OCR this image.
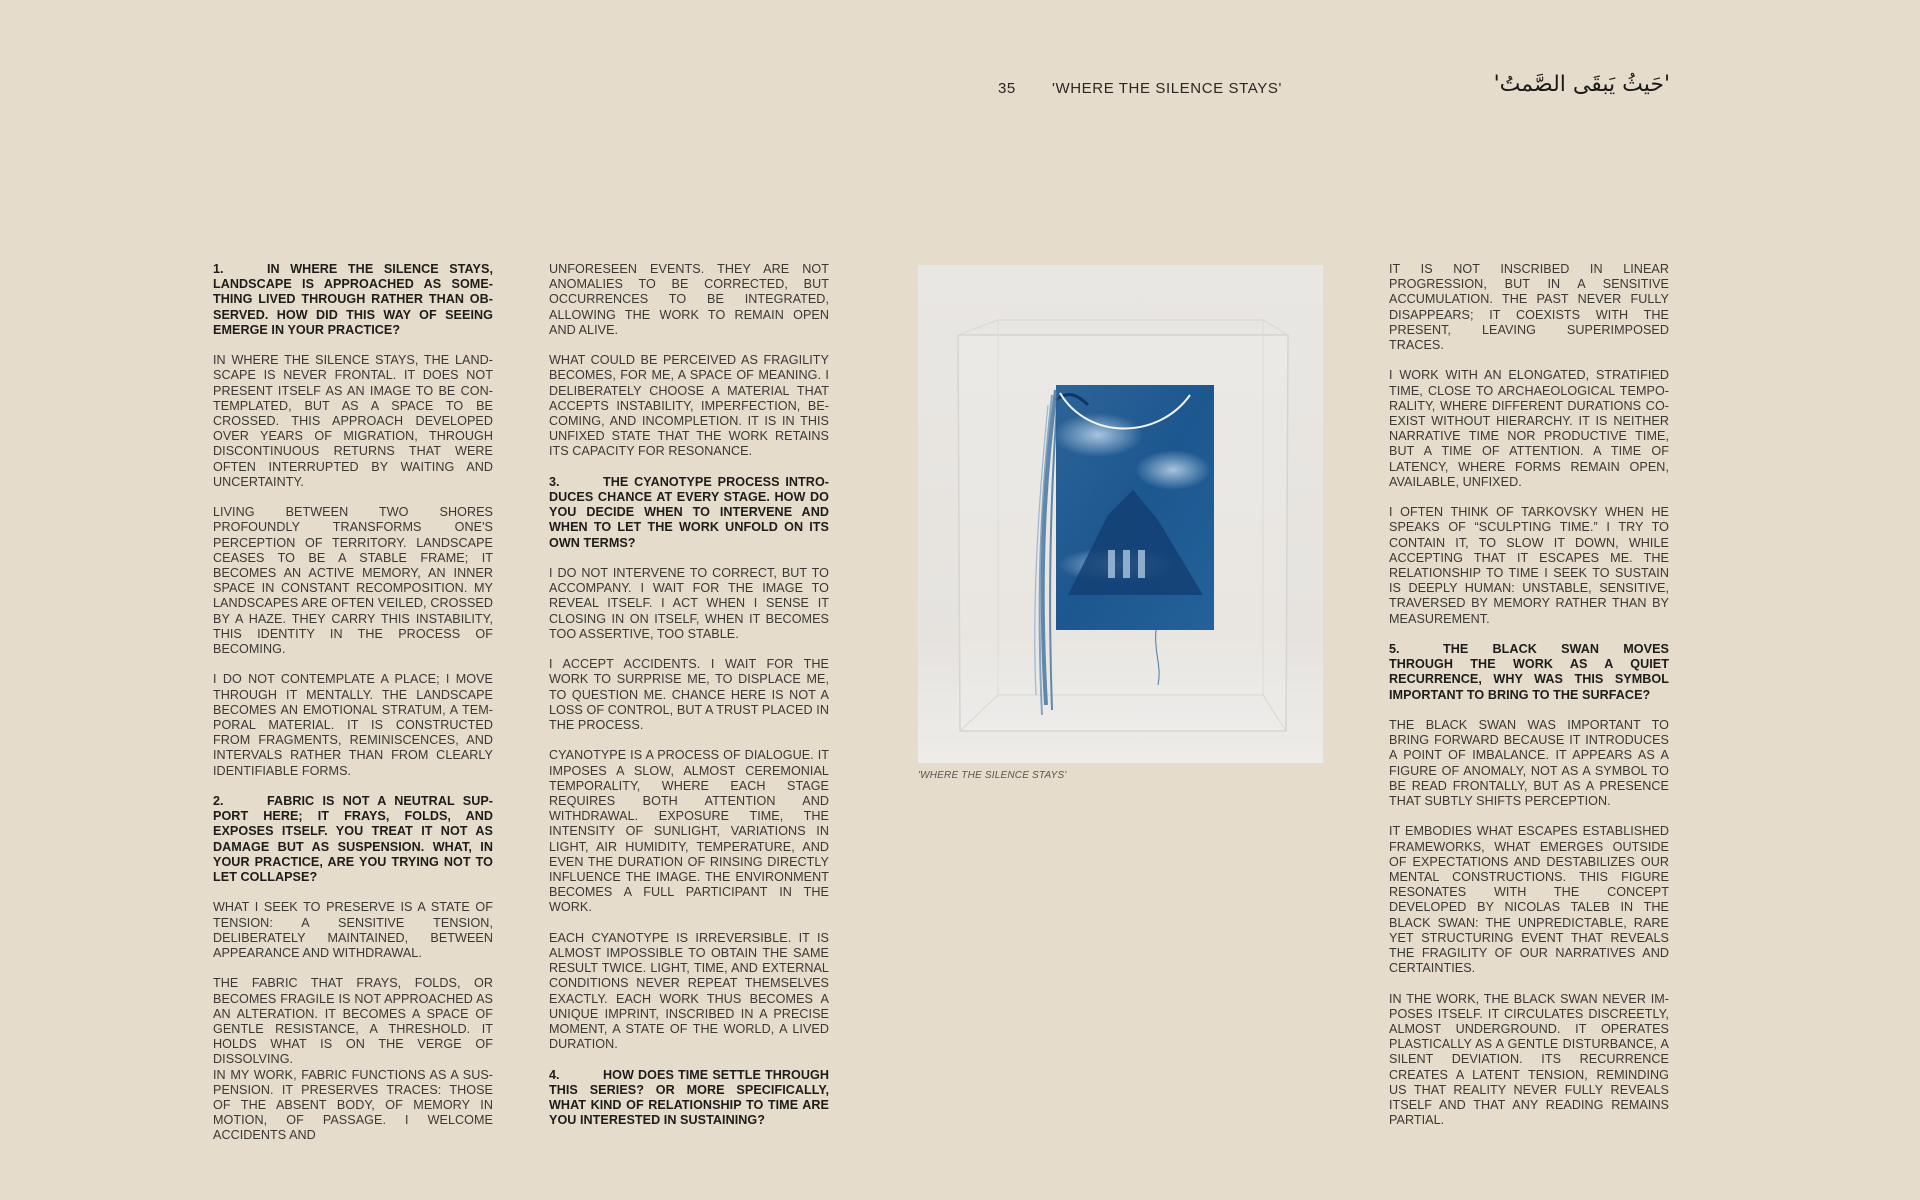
35 'WHERE THE SILENCE STAYS'	'حَيثُ يَبقَى الصَّمتُ'

1.	IN WHERE THE SILENCE STAYS, LANDSCAPE IS APPROACHED AS SOMETHING LIVED THROUGH RATHER THAN OBSERVED. HOW DID THIS WAY OF SEEING EMERGE IN YOUR PRACTICE?

IN WHERE THE SILENCE STAYS, THE LANDSCAPE IS NEVER FRONTAL. IT DOES NOT PRESENT ITSELF AS AN IMAGE TO BE CONTEMPLATED, BUT AS A SPACE TO BE CROSSED. THIS APPROACH DEVELOPED OVER YEARS OF MIGRATION, THROUGH DISCONTINUOUS RETURNS THAT WERE OFTEN INTERRUPTED BY WAITING AND UNCERTAINTY.

LIVING BETWEEN TWO SHORES PROFOUNDLY TRANSFORMS ONE'S PERCEPTION OF TERRITORY. LANDSCAPE CEASES TO BE A STABLE FRAME; IT BECOMES AN ACTIVE MEMORY, AN INNER SPACE IN CONSTANT RECOMPOSITION. MY LANDSCAPES ARE OFTEN VEILED, CROSSED BY A HAZE. THEY CARRY THIS INSTABILITY, THIS IDENTITY IN THE PROCESS OF BECOMING.

I DO NOT CONTEMPLATE A PLACE; I MOVE THROUGH IT MENTALLY. THE LANDSCAPE BECOMES AN EMOTIONAL STRATUM, A TEMPORAL MATERIAL. IT IS CONSTRUCTED FROM FRAGMENTS, REMINISCENCES, AND INTERVALS RATHER THAN FROM CLEARLY IDENTIFIABLE FORMS.

2.	FABRIC IS NOT A NEUTRAL SUPPORT HERE; IT FRAYS, FOLDS, AND EXPOSES ITSELF. YOU TREAT IT NOT AS DAMAGE BUT AS SUSPENSION. WHAT, IN YOUR PRACTICE, ARE YOU TRYING NOT TO LET COLLAPSE?

WHAT I SEEK TO PRESERVE IS A STATE OF TENSION: A SENSITIVE TENSION, DELIBERATELY MAINTAINED, BETWEEN APPEARANCE AND WITHDRAWAL.

THE FABRIC THAT FRAYS, FOLDS, OR BECOMES FRAGILE IS NOT APPROACHED AS AN ALTERATION. IT BECOMES A SPACE OF GENTLE RESISTANCE, A THRESHOLD. IT HOLDS WHAT IS ON THE VERGE OF DISSOLVING.

IN MY WORK, FABRIC FUNCTIONS AS A SUSPENSION. IT PRESERVES TRACES: THOSE OF THE ABSENT BODY, OF MEMORY IN MOTION, OF PASSAGE. I WELCOME ACCIDENTS AND

UNFORESEEN EVENTS. THEY ARE NOT ANOMALIES TO BE CORRECTED, BUT OCCURRENCES TO BE INTEGRATED, ALLOWING THE WORK TO REMAIN OPEN AND ALIVE.

WHAT COULD BE PERCEIVED AS FRAGILITY BECOMES, FOR ME, A SPACE OF MEANING. I DELIBERATELY CHOOSE A MATERIAL THAT ACCEPTS INSTABILITY, IMPERFECTION, BECOMING, AND INCOMPLETION. IT IS IN THIS UNFIXED STATE THAT THE WORK RETAINS ITS CAPACITY FOR RESONANCE.

3.	THE CYANOTYPE PROCESS INTRODUCES CHANCE AT EVERY STAGE. HOW DO YOU DECIDE WHEN TO INTERVENE AND WHEN TO LET THE WORK UNFOLD ON ITS OWN TERMS?

I DO NOT INTERVENE TO CORRECT, BUT TO ACCOMPANY. I WAIT FOR THE IMAGE TO REVEAL ITSELF. I ACT WHEN I SENSE IT CLOSING IN ON ITSELF, WHEN IT BECOMES TOO ASSERTIVE, TOO STABLE.

I ACCEPT ACCIDENTS. I WAIT FOR THE WORK TO SURPRISE ME, TO DISPLACE ME, TO QUESTION ME. CHANCE HERE IS NOT A LOSS OF CONTROL, BUT A TRUST PLACED IN THE PROCESS.

CYANOTYPE IS A PROCESS OF DIALOGUE. IT IMPOSES A SLOW, ALMOST CEREMONIAL TEMPORALITY, WHERE EACH STAGE REQUIRES BOTH ATTENTION AND WITHDRAWAL. EXPOSURE TIME, THE INTENSITY OF SUNLIGHT, VARIATIONS IN LIGHT, AIR HUMIDITY, TEMPERATURE, AND EVEN THE DURATION OF RINSING DIRECTLY INFLUENCE THE IMAGE. THE ENVIRONMENT BECOMES A FULL PARTICIPANT IN THE WORK.

EACH CYANOTYPE IS IRREVERSIBLE. IT IS ALMOST IMPOSSIBLE TO OBTAIN THE SAME RESULT TWICE. LIGHT, TIME, AND EXTERNAL CONDITIONS NEVER REPEAT THEMSELVES EXACTLY. EACH WORK THUS BECOMES A UNIQUE IMPRINT, INSCRIBED IN A PRECISE MOMENT, A STATE OF THE WORLD, A LIVED DURATION.

4.	HOW DOES TIME SETTLE THROUGH THIS SERIES? OR MORE SPECIFICALLY, WHAT KIND OF RELATIONSHIP TO TIME ARE YOU INTERESTED IN SUSTAINING?

'WHERE THE SILENCE STAYS'

IT IS NOT INSCRIBED IN LINEAR PROGRESSION, BUT IN A SENSITIVE ACCUMULATION. THE PAST NEVER FULLY DISAPPEARS; IT COEXISTS WITH THE PRESENT, LEAVING SUPERIMPOSED TRACES.

I WORK WITH AN ELONGATED, STRATIFIED TIME, CLOSE TO ARCHAEOLOGICAL TEMPORALITY, WHERE DIFFERENT DURATIONS COEXIST WITHOUT HIERARCHY. IT IS NEITHER NARRATIVE TIME NOR PRODUCTIVE TIME, BUT A TIME OF ATTENTION. A TIME OF LATENCY, WHERE FORMS REMAIN OPEN, AVAILABLE, UNFIXED.

I OFTEN THINK OF TARKOVSKY WHEN HE SPEAKS OF “SCULPTING TIME.” I TRY TO CONTAIN IT, TO SLOW IT DOWN, WHILE ACCEPTING THAT IT ESCAPES ME. THE RELATIONSHIP TO TIME I SEEK TO SUSTAIN IS DEEPLY HUMAN: UNSTABLE, SENSITIVE, TRAVERSED BY MEMORY RATHER THAN BY MEASUREMENT.

5.	THE BLACK SWAN MOVES THROUGH THE WORK AS A QUIET RECURRENCE, WHY WAS THIS SYMBOL IMPORTANT TO BRING TO THE SURFACE?

THE BLACK SWAN WAS IMPORTANT TO BRING FORWARD BECAUSE IT INTRODUCES A POINT OF IMBALANCE. IT APPEARS AS A FIGURE OF ANOMALY, NOT AS A SYMBOL TO BE READ FRONTALLY, BUT AS A PRESENCE THAT SUBTLY SHIFTS PERCEPTION.

IT EMBODIES WHAT ESCAPES ESTABLISHED FRAMEWORKS, WHAT EMERGES OUTSIDE OF EXPECTATIONS AND DESTABILIZES OUR MENTAL CONSTRUCTIONS. THIS FIGURE RESONATES WITH THE CONCEPT DEVELOPED BY NICOLAS TALEB IN THE BLACK SWAN: THE UNPREDICTABLE, RARE YET STRUCTURING EVENT THAT REVEALS THE FRAGILITY OF OUR NARRATIVES AND CERTAINTIES.

IN THE WORK, THE BLACK SWAN NEVER IMPOSES ITSELF. IT CIRCULATES DISCREETLY, ALMOST UNDERGROUND. IT OPERATES PLASTICALLY AS A GENTLE DISTURBANCE, A SILENT DEVIATION. ITS RECURRENCE CREATES A LATENT TENSION, REMINDING US THAT REALITY NEVER FULLY REVEALS ITSELF AND THAT ANY READING REMAINS PARTIAL.
